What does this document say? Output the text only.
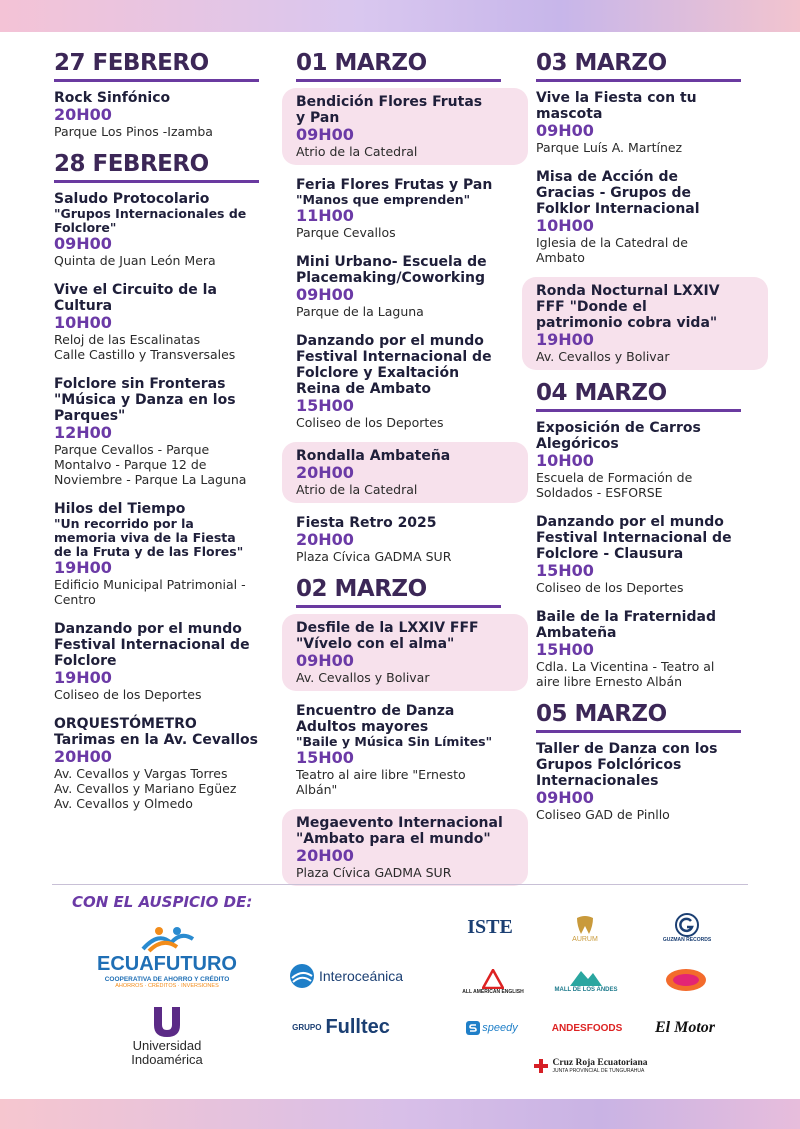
27 FEBRERO
Rock Sinfónico
20H00
Parque Los Pinos -Izamba
28 FEBRERO
Saludo Protocolario
"Grupos Internacionales de
Folclore"
09H00
Quinta de Juan León Mera
Vive el Circuito de la
Cultura
10H00
Reloj de las Escalinatas
Calle Castillo y Transversales
Folclore sin Fronteras
"Música y Danza en los
Parques"
12H00
Parque Cevallos - Parque
Montalvo - Parque 12 de
Noviembre - Parque La Laguna
Hilos del Tiempo
"Un recorrido por la
memoria viva de la Fiesta
de la Fruta y de las Flores"
19H00
Edificio Municipal Patrimonial -
Centro
Danzando por el mundo
Festival Internacional de
Folclore
19H00
Coliseo de los Deportes
ORQUESTÓMETRO
Tarimas en la Av. Cevallos
20H00
Av. Cevallos y Vargas Torres
Av. Cevallos y Mariano Egüez
Av. Cevallos y Olmedo
01 MARZO
Bendición Flores Frutas
y Pan
09H00
Atrio de la Catedral
Feria Flores Frutas y Pan
"Manos que emprenden"
11H00
Parque Cevallos
Mini Urbano- Escuela de
Placemaking/Coworking
09H00
Parque de la Laguna
Danzando por el mundo
Festival Internacional de
Folclore y Exaltación
Reina de Ambato
15H00
Coliseo de los Deportes
Rondalla Ambateña
20H00
Atrio de la Catedral
Fiesta Retro 2025
20H00
Plaza Cívica GADMA SUR
02 MARZO
Desfile de la LXXIV FFF
"Vívelo con el alma"
09H00
Av. Cevallos y Bolivar
Encuentro de Danza
Adultos mayores
"Baile y Música Sin Límites"
15H00
Teatro al aire libre "Ernesto
Albán"
Megaevento Internacional
"Ambato para el mundo"
20H00
Plaza Cívica GADMA SUR
03 MARZO
Vive la Fiesta con tu
mascota
09H00
Parque Luís A. Martínez
Misa de Acción de
Gracias - Grupos de
Folklor Internacional
10H00
Iglesia de la Catedral de
Ambato
Ronda Nocturnal LXXIV
FFF "Donde el
patrimonio cobra vida"
19H00
Av. Cevallos y Bolivar
04 MARZO
Exposición de Carros
Alegóricos
10H00
Escuela de Formación de
Soldados - ESFORSE
Danzando por el mundo
Festival Internacional de
Folclore - Clausura
15H00
Coliseo de los Deportes
Baile de la Fraternidad
Ambateña
15H00
Cdla. La Vicentina - Teatro al
aire libre Ernesto Albán
05 MARZO
Taller de Danza con los
Grupos Folclóricos
Internacionales
09H00
Coliseo GAD de Pinllo
CON EL AUSPICIO DE:
ECUAFUTURO
COOPERATIVA DE AHORRO Y CRÉDITO
AHORROS · CRÉDITOS · INVERSIONES
Universidad
Indoamérica
Interoceánica
GRUPO Fulltec
ISTE
AURUM	GUZMAN RECORDS
ALL AMERICAN ENGLISH	MALL DE LOS ANDES
speedy	ANDESFOODS El Motor
Cruz Roja Ecuatoriana
JUNTA PROVINCIAL DE TUNGURAHUA
